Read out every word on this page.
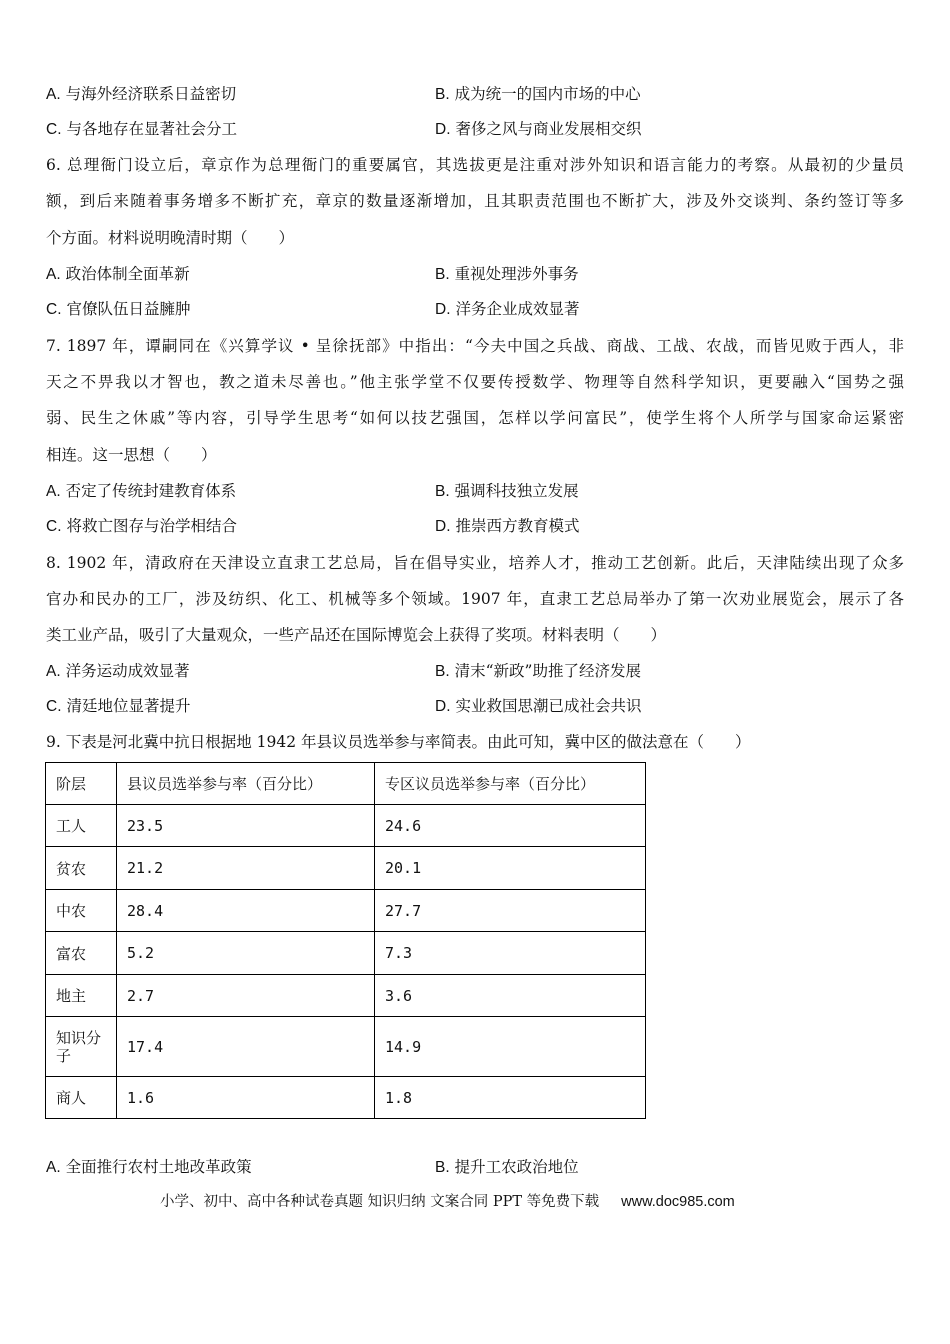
A. 与海外经济联系日益密切	B. 成为统一的国内市场的中心
C. 与各地存在显著社会分工	D. 奢侈之风与商业发展相交织
6. 总理衙门设立后，章京作为总理衙门的重要属官，其选拔更是注重对涉外知识和语言能力的考察。从最初的少量员
额，到后来随着事务增多不断扩充，章京的数量逐渐增加，且其职责范围也不断扩大，涉及外交谈判、条约签订等多
个方面。材料说明晚清时期（　　）
A. 政治体制全面革新	B. 重视处理涉外事务
C. 官僚队伍日益臃肿	D. 洋务企业成效显著
7. 1897 年，谭嗣同在《兴算学议 • 呈徐抚部》中指出：“今夫中国之兵战、商战、工战、农战，而皆见败于西人，非
天之不畀我以才智也，教之道未尽善也。”他主张学堂不仅要传授数学、物理等自然科学知识，更要融入“国势之强
弱、民生之休戚”等内容，引导学生思考“如何以技艺强国，怎样以学问富民”，使学生将个人所学与国家命运紧密
相连。这一思想（　　）
A. 否定了传统封建教育体系	B. 强调科技独立发展
C. 将救亡图存与治学相结合	D. 推崇西方教育模式
8. 1902 年，清政府在天津设立直隶工艺总局，旨在倡导实业，培养人才，推动工艺创新。此后，天津陆续出现了众多
官办和民办的工厂，涉及纺织、化工、机械等多个领域。1907 年，直隶工艺总局举办了第一次劝业展览会，展示了各
类工业产品，吸引了大量观众，一些产品还在国际博览会上获得了奖项。材料表明（　　）
A. 洋务运动成效显著	B. 清末“新政”助推了经济发展
C. 清廷地位显著提升	D. 实业救国思潮已成社会共识
9. 下表是河北冀中抗日根据地 1942 年县议员选举参与率简表。由此可知，冀中区的做法意在（　　）
阶层	县议员选举参与率（百分比）	专区议员选举参与率（百分比）
工人	23.5	24.6
贫农	21.2	20.1
中农	28.4	27.7
富农	5.2	7.3
地主	2.7	3.6
知识分子	17.4	14.9
商人	1.6	1.8
A. 全面推行农村土地改革政策	B. 提升工农政治地位
小学、初中、高中各种试卷真题 知识归纳 文案合同 PPT 等免费下载 www.doc985.com
